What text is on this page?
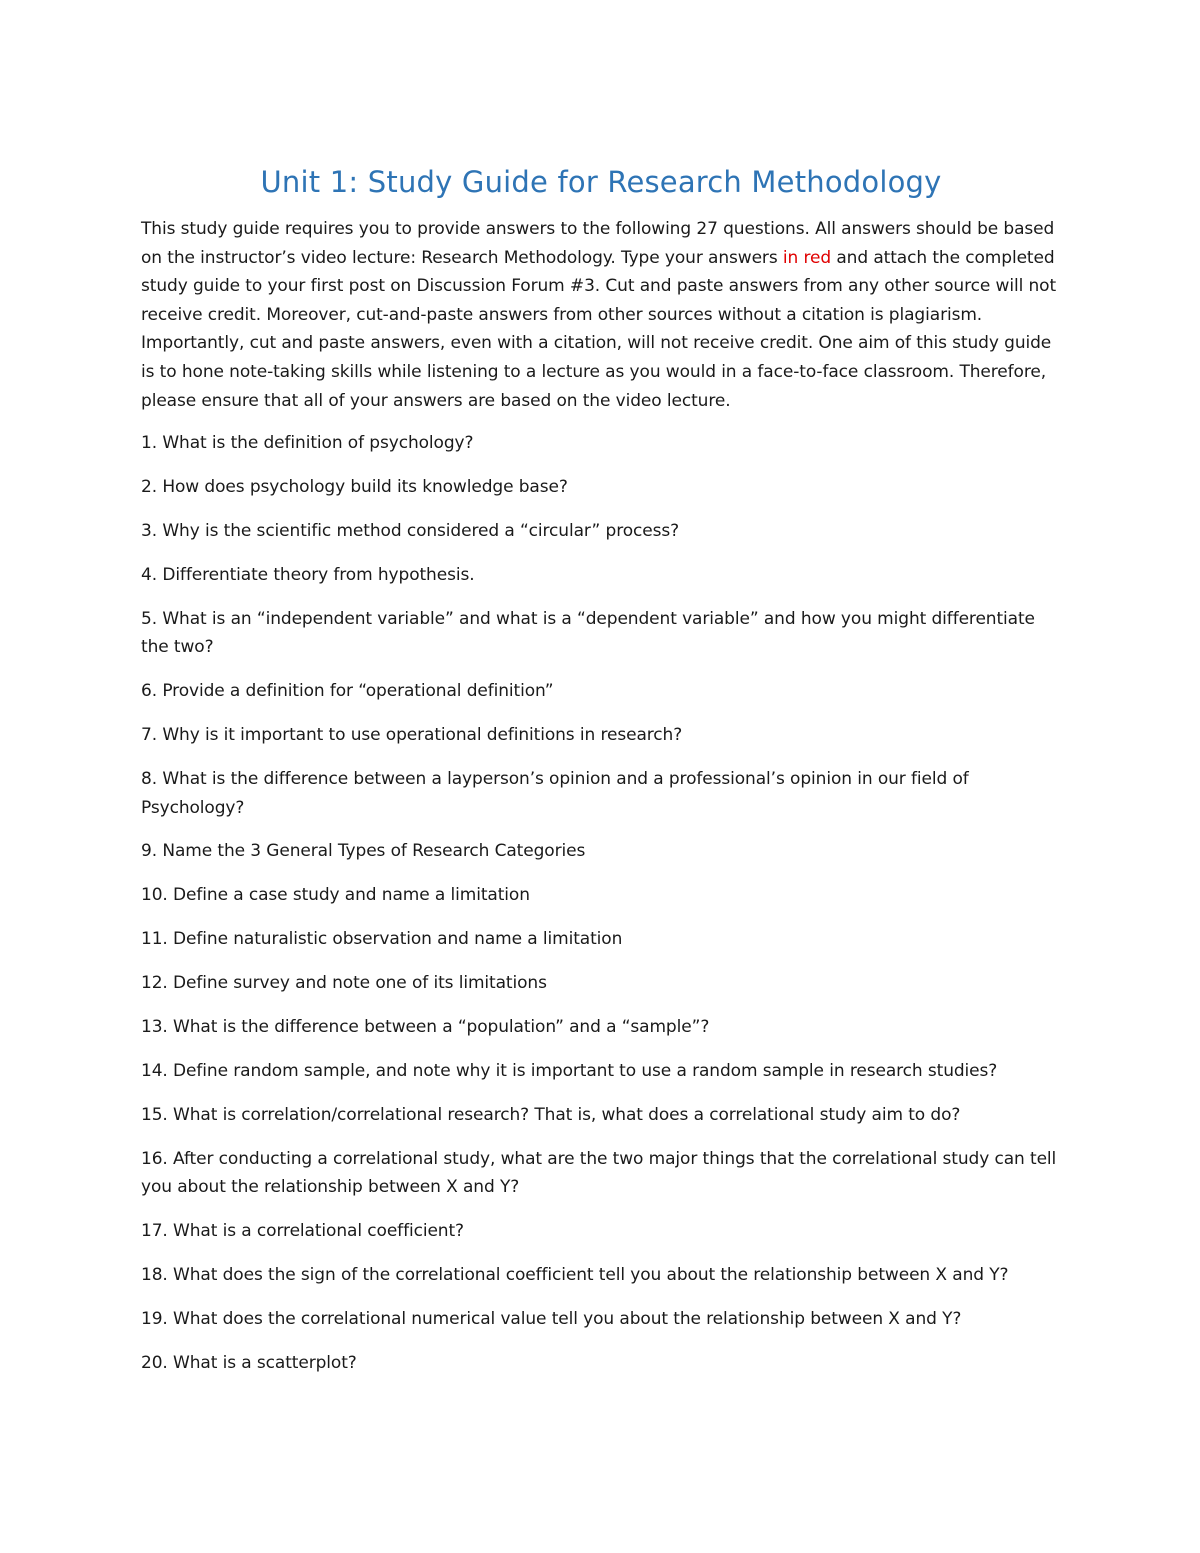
Unit 1: Study Guide for Research Methodology

This study guide requires you to provide answers to the following 27 questions. All answers should be based on the instructor’s video lecture: Research Methodology. Type your answers in red and attach the completed study guide to your first post on Discussion Forum #3. Cut and paste answers from any other source will not receive credit. Moreover, cut-and-paste answers from other sources without a citation is plagiarism. Importantly, cut and paste answers, even with a citation, will not receive credit. One aim of this study guide is to hone note-taking skills while listening to a lecture as you would in a face-to-face classroom. Therefore, please ensure that all of your answers are based on the video lecture.

1. What is the definition of psychology?

2. How does psychology build its knowledge base?

3. Why is the scientific method considered a “circular” process?

4. Differentiate theory from hypothesis.

5. What is an “independent variable” and what is a “dependent variable” and how you might differentiate the two?

6. Provide a definition for “operational definition”

7. Why is it important to use operational definitions in research?

8. What is the difference between a layperson’s opinion and a professional’s opinion in our field of Psychology?

9. Name the 3 General Types of Research Categories

10. Define a case study and name a limitation

11. Define naturalistic observation and name a limitation

12. Define survey and note one of its limitations

13. What is the difference between a “population” and a “sample”?

14. Define random sample, and note why it is important to use a random sample in research studies?

15. What is correlation/correlational research? That is, what does a correlational study aim to do?

16. After conducting a correlational study, what are the two major things that the correlational study can tell you about the relationship between X and Y?

17. What is a correlational coefficient?

18. What does the sign of the correlational coefficient tell you about the relationship between X and Y?

19. What does the correlational numerical value tell you about the relationship between X and Y?

20. What is a scatterplot?
